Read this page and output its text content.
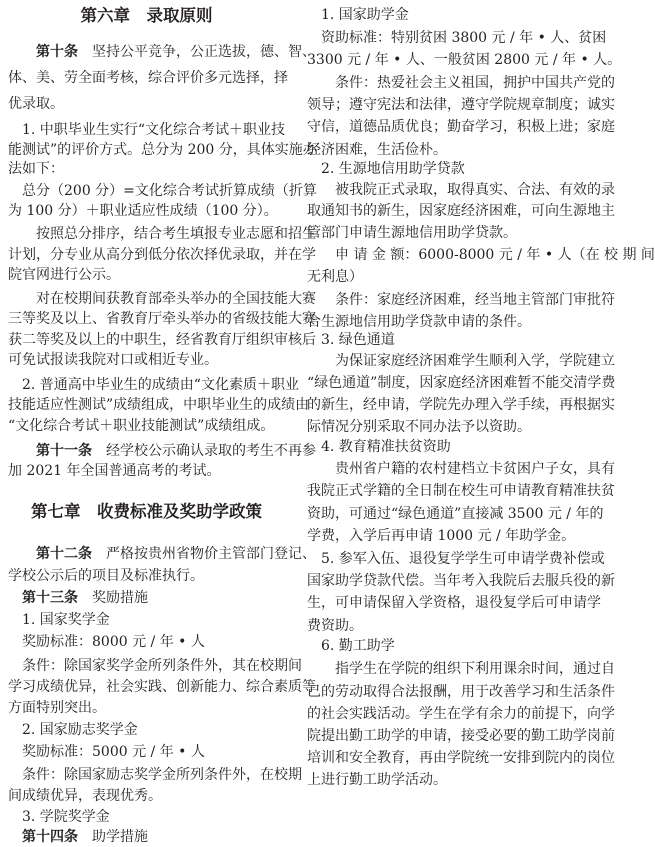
第六章　录取原则
第十条　 坚持公平竞争，公正选拔，德、智、
体、美、劳全面考核，综合评价多元选择，择
优录取。
1. 中职毕业生实行“文化综合考试＋职业技
能测试”的评价方式。总分为 200 分，具体实施办
法如下：
总分（200 分）=文化综合考试折算成绩（折算
为 100 分）＋职业适应性成绩（100 分）。
按照总分排序，结合考生填报专业志愿和招生
计划，分专业从高分到低分依次择优录取，并在学
院官网进行公示。
对在校期间获教育部牵头举办的全国技能大赛
三等奖及以上、省教育厅牵头举办的省级技能大赛
获二等奖及以上的中职生，经省教育厅组织审核后
可免试报读我院对口或相近专业。
2. 普通高中毕业生的成绩由“文化素质＋职业
技能适应性测试”成绩组成，中职毕业生的成绩由
“文化综合考试＋职业技能测试”成绩组成。
第十一条　 经学校公示确认录取的考生不再参
加 2021 年全国普通高考的考试。
第七章　收费标准及奖助学政策
第十二条　 严格按贵州省物价主管部门登记、
学校公示后的项目及标准执行。
第十三条　 奖励措施
1. 国家奖学金
奖励标准：8000 元 / 年 • 人
条件：除国家奖学金所列条件外，其在校期间
学习成绩优异，社会实践、创新能力、综合素质等
方面特别突出。
2. 国家励志奖学金
奖励标准：5000 元 / 年 • 人
条件：除国家励志奖学金所列条件外，在校期
间成绩优异，表现优秀。
3. 学院奖学金
第十四条　 助学措施
1. 国家助学金
资助标准：特别贫困 3800 元 / 年 • 人、贫困
3300 元 / 年 • 人、一般贫困 2800 元 / 年 • 人。
条件：热爱社会主义祖国，拥护中国共产党的
领导；遵守宪法和法律，遵守学院规章制度；诚实
守信，道德品质优良；勤奋学习，积极上进；家庭
经济困难，生活俭朴。
2. 生源地信用助学贷款
被我院正式录取，取得真实、合法、有效的录
取通知书的新生，因家庭经济困难，可向生源地主
管部门申请生源地信用助学贷款。
申 请 金 额：6000-8000 元 / 年 • 人（在 校 期 间
无利息）
条件：家庭经济困难，经当地主管部门审批符
合生源地信用助学贷款申请的条件。
3. 绿色通道
为保证家庭经济困难学生顺利入学，学院建立
“绿色通道”制度，因家庭经济困难暂不能交清学费
的新生，经申请，学院先办理入学手续，再根据实
际情况分别采取不同办法予以资助。
4. 教育精准扶贫资助
贵州省户籍的农村建档立卡贫困户子女，具有
我院正式学籍的全日制在校生可申请教育精准扶贫
资助，可通过“绿色通道”直接减 3500 元 / 年的
学费，入学后再申请 1000 元 / 年助学金。
5. 参军入伍、退役复学学生可申请学费补偿或
国家助学贷款代偿。当年考入我院后去服兵役的新
生，可申请保留入学资格，退役复学后可申请学
费资助。
6. 勤工助学
指学生在学院的组织下利用课余时间，通过自
己的劳动取得合法报酬，用于改善学习和生活条件
的社会实践活动。学生在学有余力的前提下，向学
院提出勤工助学的申请，接受必要的勤工助学岗前
培训和安全教育，再由学院统一安排到院内的岗位
上进行勤工助学活动。
